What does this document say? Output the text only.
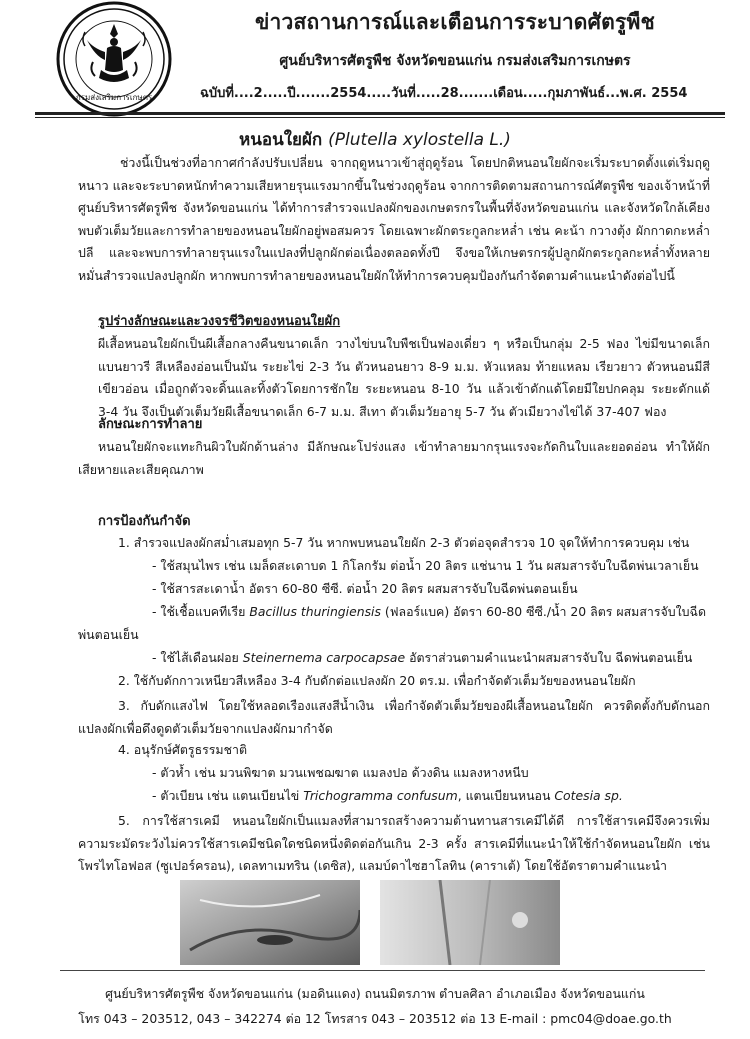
กรมส่งเสริมการเกษตร
ข่าวสถานการณ์และเตือนการระบาดศัตรูพืช
ศูนย์บริหารศัตรูพืช จังหวัดขอนแก่น กรมส่งเสริมการเกษตร
ฉบับที่....2.....ปี.......2554.....วันที่.....28.......เดือน.....กุมภาพันธ์...พ.ศ. 2554
หนอนใยผัก (Plutella xylostella L.)
ช่วงนี้เป็นช่วงที่อากาศกำลังปรับเปลี่ยน จากฤดูหนาวเข้าสู่ฤดูร้อน โดยปกติหนอนใยผักจะเริ่มระบาดตั้งแต่เริ่มฤดูหนาว และจะระบาดหนักทำความเสียหายรุนแรงมากขึ้นในช่วงฤดูร้อน จากการติดตามสถานการณ์ศัตรูพืช ของเจ้าหน้าที่ศูนย์บริหารศัตรูพืช จังหวัดขอนแก่น ได้ทำการสำรวจแปลงผักของเกษตรกรในพื้นที่จังหวัดขอนแก่น และจังหวัดใกล้เคียง พบตัวเต็มวัยและการทำลายของหนอนใยผักอยู่พอสมควร โดยเฉพาะผักตระกูลกะหล่ำ เช่น คะน้า กวางตุ้ง ผักกาดกะหล่ำปลี และจะพบการทำลายรุนแรงในแปลงที่ปลูกผักต่อเนื่องตลอดทั้งปี จึงขอให้เกษตรกรผู้ปลูกผักตระกูลกะหล่ำทั้งหลายหมั่นสำรวจแปลงปลูกผัก หากพบการทำลายของหนอนใยผักให้ทำการควบคุมป้องกันกำจัดตามคำแนะนำดังต่อไปนี้
รูปร่างลักษณะและวงจรชีวิตของหนอนใยผัก
ผีเสื้อหนอนใยผักเป็นผีเสื้อกลางคืนขนาดเล็ก วางไข่บนใบพืชเป็นฟองเดี่ยว ๆ หรือเป็นกลุ่ม 2-5 ฟอง ไข่มีขนาดเล็กแบนยาวรี สีเหลืองอ่อนเป็นมัน ระยะไข่ 2-3 วัน ตัวหนอนยาว 8-9 ม.ม. หัวแหลม ท้ายแหลม เรียวยาว ตัวหนอนมีสีเขียวอ่อน เมื่อถูกตัวจะดิ้นและทิ้งตัวโดยการชักใย ระยะหนอน 8-10 วัน แล้วเข้าดักแด้โดยมีใยปกคลุม ระยะดักแด้ 3-4 วัน จึงเป็นตัวเต็มวัยผีเสื้อขนาดเล็ก 6-7 ม.ม. สีเทา ตัวเต็มวัยอายุ 5-7 วัน ตัวเมียวางไข่ได้ 37-407 ฟอง
ลักษณะการทำลาย
หนอนใยผักจะแทะกินผิวใบผักด้านล่าง มีลักษณะโปร่งแสง เข้าทำลายมากรุนแรงจะกัดกินใบและยอดอ่อน ทำให้ผักเสียหายและเสียคุณภาพ
การป้องกันกำจัด
1. สำรวจแปลงผักสม่ำเสมอทุก 5-7 วัน หากพบหนอนใยผัก 2-3 ตัวต่อจุดสำรวจ 10 จุดให้ทำการควบคุม เช่น
- ใช้สมุนไพร เช่น เมล็ดสะเดาบด 1 กิโลกรัม ต่อน้ำ 20 ลิตร แช่นาน 1 วัน ผสมสารจับใบฉีดพ่นเวลาเย็น
- ใช้สารสะเดาน้ำ อัตรา 60-80 ซีซี. ต่อน้ำ 20 ลิตร ผสมสารจับใบฉีดพ่นตอนเย็น
- ใช้เชื้อแบคทีเรีย Bacillus thuringiensis (ฟลอร์แบค) อัตรา 60-80 ซีซี./น้ำ 20 ลิตร ผสมสารจับใบฉีด
พ่นตอนเย็น
- ใช้ไส้เดือนฝอย Steinernema carpocapsae อัตราส่วนตามคำแนะนำผสมสารจับใบ ฉีดพ่นตอนเย็น
2. ใช้กับดักกาวเหนียวสีเหลือง 3-4 กับดักต่อแปลงผัก 20 ตร.ม. เพื่อกำจัดตัวเต็มวัยของหนอนใยผัก
3. กับดักแสงไฟ โดยใช้หลอดเรืองแสงสีน้ำเงิน เพื่อกำจัดตัวเต็มวัยของผีเสื้อหนอนใยผัก ควรติดตั้งกับดักนอกแปลงผักเพื่อดึงดูดตัวเต็มวัยจากแปลงผักมากำจัด
4. อนุรักษ์ศัตรูธรรมชาติ
- ตัวห้ำ เช่น มวนพิฆาต มวนเพชฌฆาต แมลงปอ ด้วงดิน แมลงหางหนีบ
- ตัวเบียน เช่น แตนเบียนไข่ Trichogramma confusum, แตนเบียนหนอน Cotesia sp.
5. การใช้สารเคมี หนอนใยผักเป็นแมลงที่สามารถสร้างความต้านทานสารเคมีได้ดี การใช้สารเคมีจึงควรเพิ่มความระมัดระวังไม่ควรใช้สารเคมีชนิดใดชนิดหนึ่งติดต่อกันเกิน 2-3 ครั้ง สารเคมีที่แนะนำให้ใช้กำจัดหนอนใยผัก เช่น โพรไทโอฟอส (ซูเปอร์ครอน), เดลทาเมทริน (เดซิส), แลมบ์ดาไซฮาโลทิน (คาราเต้) โดยใช้อัตราตามคำแนะนำ
ศูนย์บริหารศัตรูพืช จังหวัดขอนแก่น (มอดินแดง) ถนนมิตรภาพ ตำบลศิลา อำเภอเมือง จังหวัดขอนแก่น
โทร 043 – 203512, 043 – 342274 ต่อ 12 โทรสาร 043 – 203512 ต่อ 13 E-mail : pmc04@doae.go.th
